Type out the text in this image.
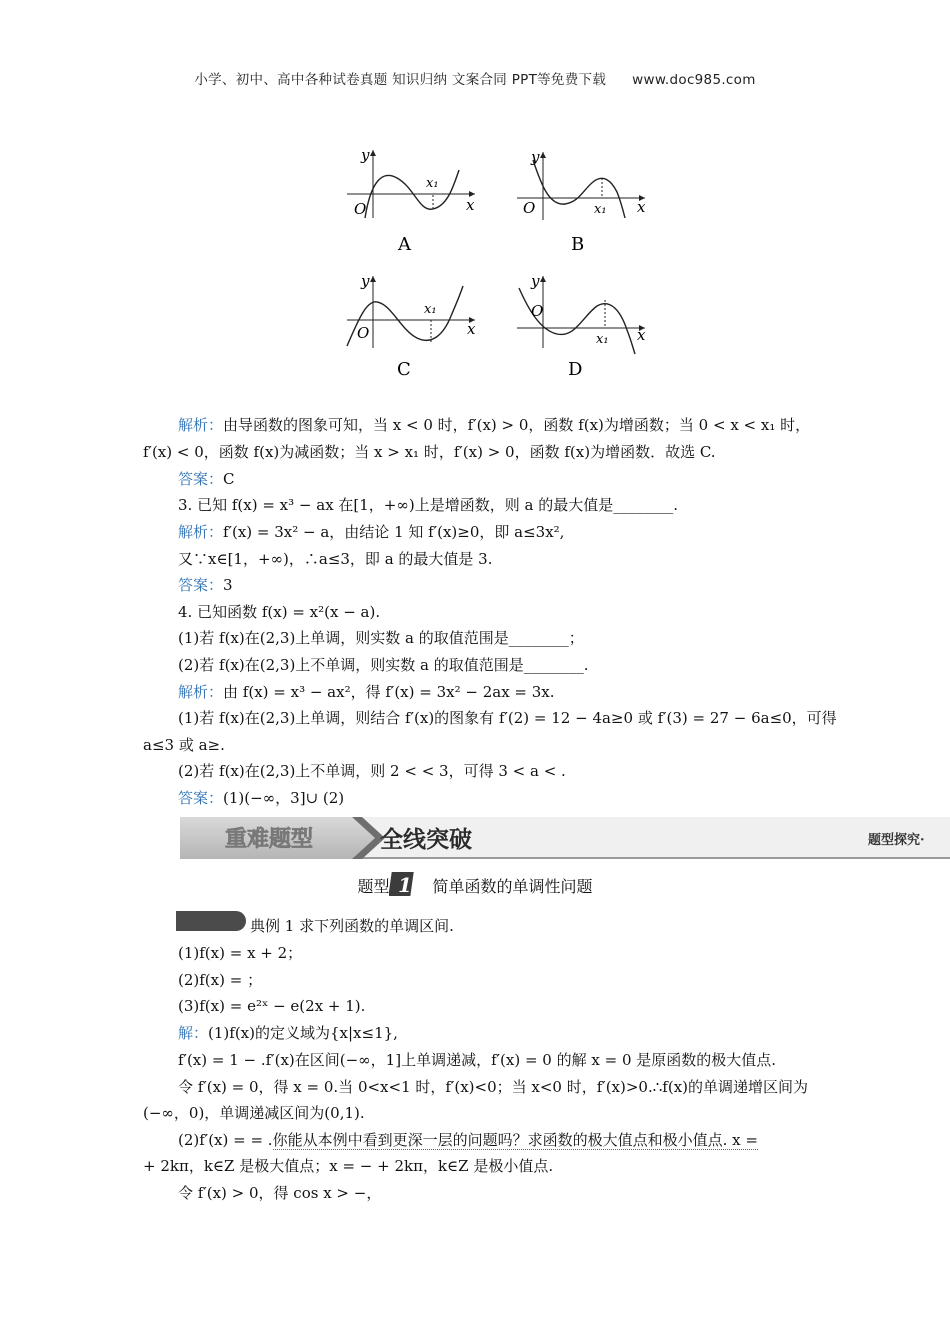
小学、初中、高中各种试卷真题 知识归纳 文案合同 PPT等免费下载 www.doc985.com
y
x
O
x₁
A
y
x
O	x₁
B
y
x
O
x₁
C
y
x
O
x₁
D
解析：由导函数的图象可知，当 x < 0 时，f′(x) > 0，函数 f(x)为增函数；当 0 < x < x₁ 时，
f′(x) < 0，函数 f(x)为减函数；当 x > x₁ 时，f′(x) > 0，函数 f(x)为增函数．故选 C.
答案：C
3. 已知 f(x) = x³ − ax 在[1，+∞)上是增函数，则 a 的最大值是________.
解析：f′(x) = 3x² − a，由结论 1 知 f′(x)≥0，即 a≤3x²,
又∵x∈[1，+∞)，∴a≤3，即 a 的最大值是 3.
答案：3
4. 已知函数 f(x) = x²(x − a).
(1)若 f(x)在(2,3)上单调，则实数 a 的取值范围是________；
(2)若 f(x)在(2,3)上不单调，则实数 a 的取值范围是________.
解析：由 f(x) = x³ − ax²，得 f′(x) = 3x² − 2ax = 3x.
(1)若 f(x)在(2,3)上单调，则结合 f′(x)的图象有 f′(2) = 12 − 4a≥0 或 f′(3) = 27 − 6a≤0，可得
a≤3 或 a≥.
(2)若 f(x)在(2,3)上不单调，则 2 < < 3，可得 3 < a < .
答案：(1)(−∞，3]∪ (2)
重难题型	全线突破	题型探究·
题型 1 简单函数的单调性问题
典例 1 求下列函数的单调区间.
(1)f(x) = x + 2；
(2)f(x) = ；
(3)f(x) = e²ˣ − e(2x + 1).
解：(1)f(x)的定义域为{x|x≤1},
f′(x) = 1 − .f′(x)在区间(−∞，1]上单调递减，f′(x) = 0 的解 x = 0 是原函数的极大值点.
令 f′(x) = 0，得 x = 0.当 0<x<1 时，f′(x)<0；当 x<0 时，f′(x)>0.∴f(x)的单调递增区间为
(−∞，0)，单调递减区间为(0,1).
(2)f′(x) = = .你能从本例中看到更深一层的问题吗？求函数的极大值点和极小值点. x =
+ 2kπ，k∈Z 是极大值点；x = − + 2kπ，k∈Z 是极小值点.
令 f′(x) > 0，得 cos x > −，
